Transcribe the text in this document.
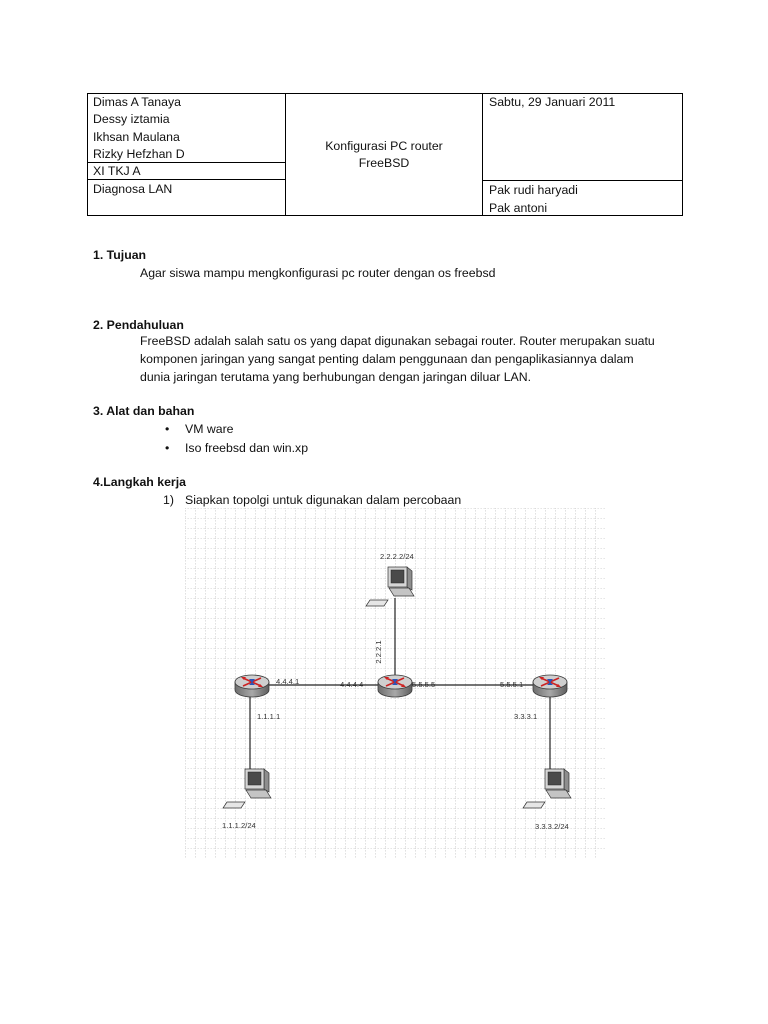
Dimas A Tanaya
Dessy iztamia
Ikhsan Maulana
Rizky Hefzhan D
XI TKJ A
Diagnosa LAN
Konfigurasi PC router
FreeBSD
Sabtu, 29 Januari 2011
Pak rudi haryadi
Pak antoni
1. Tujuan
Agar siswa mampu mengkonfigurasi pc router dengan os freebsd
2. Pendahuluan
FreeBSD adalah salah satu os yang dapat digunakan sebagai router. Router merupakan suatu
komponen jaringan yang sangat penting dalam penggunaan dan pengaplikasiannya dalam
dunia jaringan terutama yang berhubungan dengan jaringan diluar LAN.
3. Alat dan bahan
• VM ware
• Iso freebsd dan win.xp
4.Langkah kerja
1) Siapkan topolgi untuk digunakan dalam percobaan
2.2.2.2/24
2.2.2.1
4.4.4.1	4.4.4.4	5.5.5.5	5.5.5.1
1.1.1.1	3.3.3.1
1.1.1.2/24	3.3.3.2/24
